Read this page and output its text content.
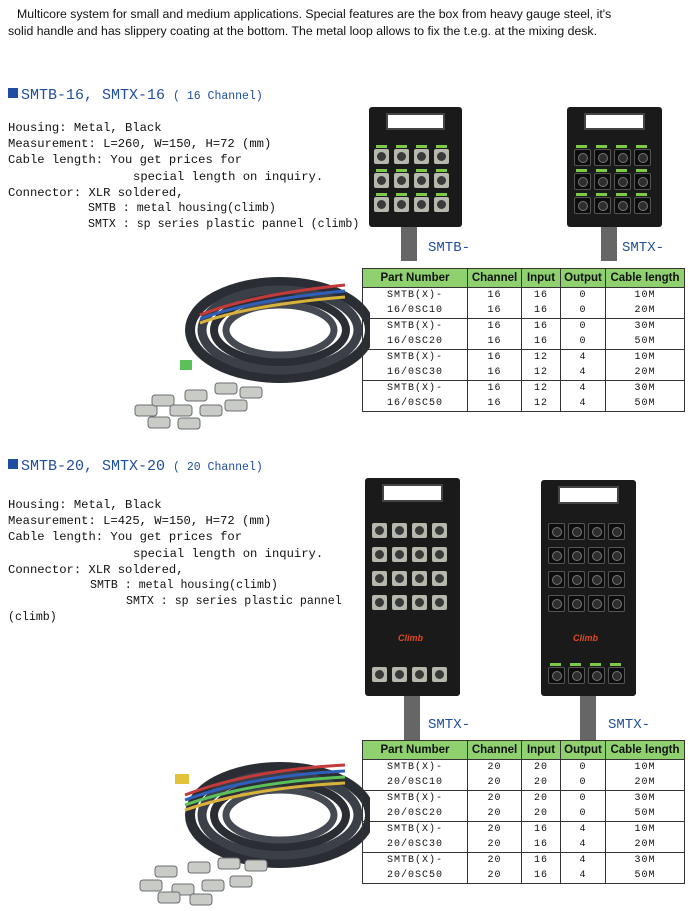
Multicore system for small and medium applications. Special features are the box from heavy gauge steel, it's

solid handle and has slippery coating at the bottom. The metal loop allows to fix the t.e.g. at the mixing desk.

SMTB-16, SMTX-16 ( 16 Channel)
Housing: Metal, Black
Measurement: L=260, W=150, H=72 (mm)
Cable length: You get prices for
special length on inquiry.
Connector: XLR soldered,
SMTB : metal housing(climb)
SMTX : sp series plastic pannel (climb)
SMTB-	SMTX-
Part Number	Channel	Input	Output	Cable length
SMTB(X)-	16	16	0	10M
16/0SC10	16	16	0	20M
SMTB(X)-	16	16	0	30M
16/0SC20	16	16	0	50M
SMTB(X)-	16	12	4	10M
16/0SC30	16	12	4	20M
SMTB(X)-	16	12	4	30M
16/0SC50	16	12	4	50M
SMTB-20, SMTX-20 ( 20 Channel)
Housing: Metal, Black
Measurement: L=425, W=150, H=72 (mm)
Cable length: You get prices for
special length on inquiry.
Connector: XLR soldered,
SMTB : metal housing(climb)
SMTX : sp series plastic pannel
(climb)
Climb	Climb
SMTX-	SMTX-
Part Number	Channel	Input	Output	Cable length
SMTB(X)-	20	20	0	10M
20/0SC10	20	20	0	20M
SMTB(X)-	20	20	0	30M
20/0SC20	20	20	0	50M
SMTB(X)-	20	16	4	10M
20/0SC30	20	16	4	20M
SMTB(X)-	20	16	4	30M
20/0SC50	20	16	4	50M
